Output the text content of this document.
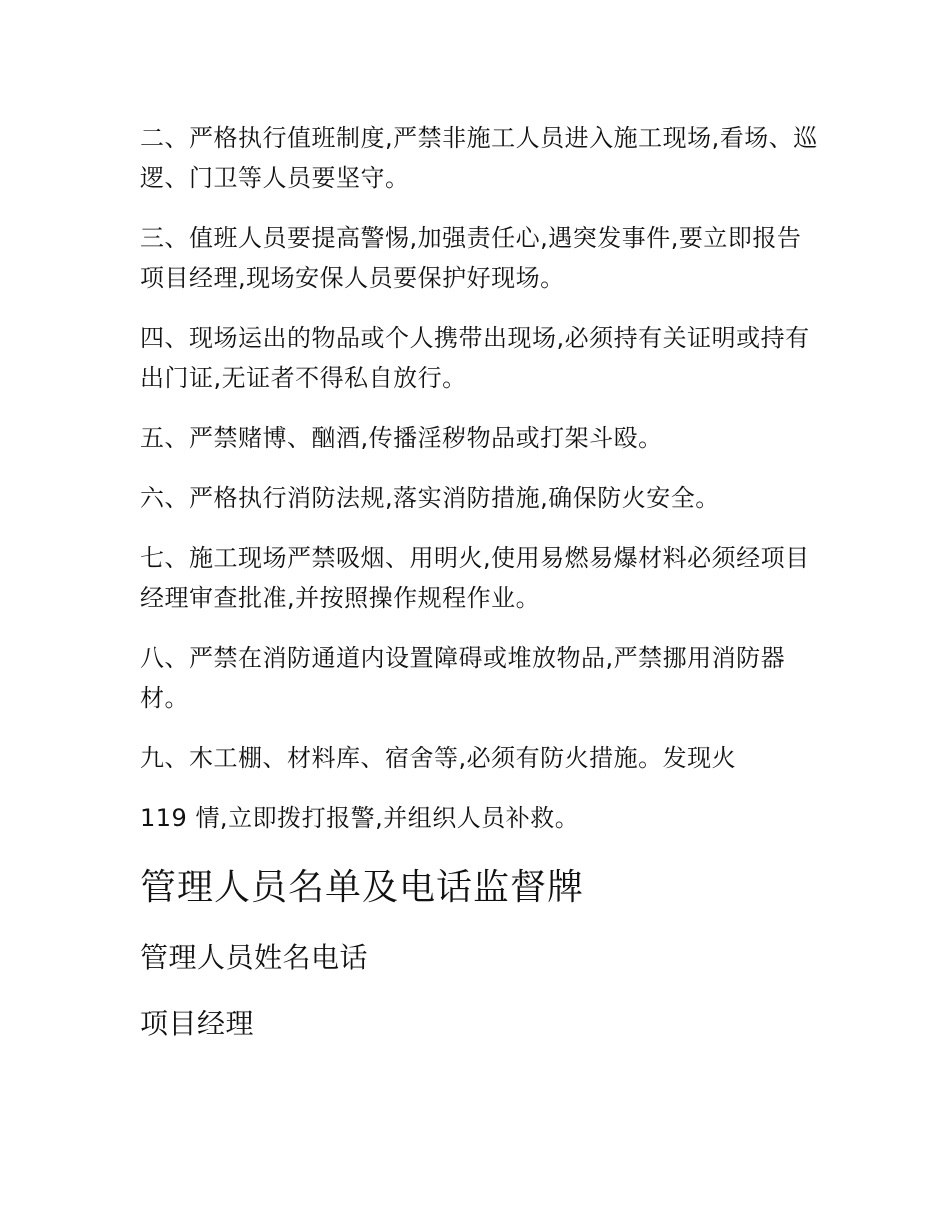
二、严格执行值班制度,严禁非施工人员进入施工现场,看场、巡逻、门卫等人员要坚守。

三、值班人员要提高警惕,加强责任心,遇突发事件,要立即报告项目经理,现场安保人员要保护好现场。

四、现场运出的物品或个人携带出现场,必须持有关证明或持有出门证,无证者不得私自放行。

五、严禁赌博、酗酒,传播淫秽物品或打架斗殴。

六、严格执行消防法规,落实消防措施,确保防火安全。

七、施工现场严禁吸烟、用明火,使用易燃易爆材料必须经项目经理审查批准,并按照操作规程作业。

八、严禁在消防通道内设置障碍或堆放物品,严禁挪用消防器材。

九、木工棚、材料库、宿舍等,必须有防火措施。发现火

119 情,立即拨打报警,并组织人员补救。

管理人员名单及电话监督牌

管理人员姓名电话

项目经理
